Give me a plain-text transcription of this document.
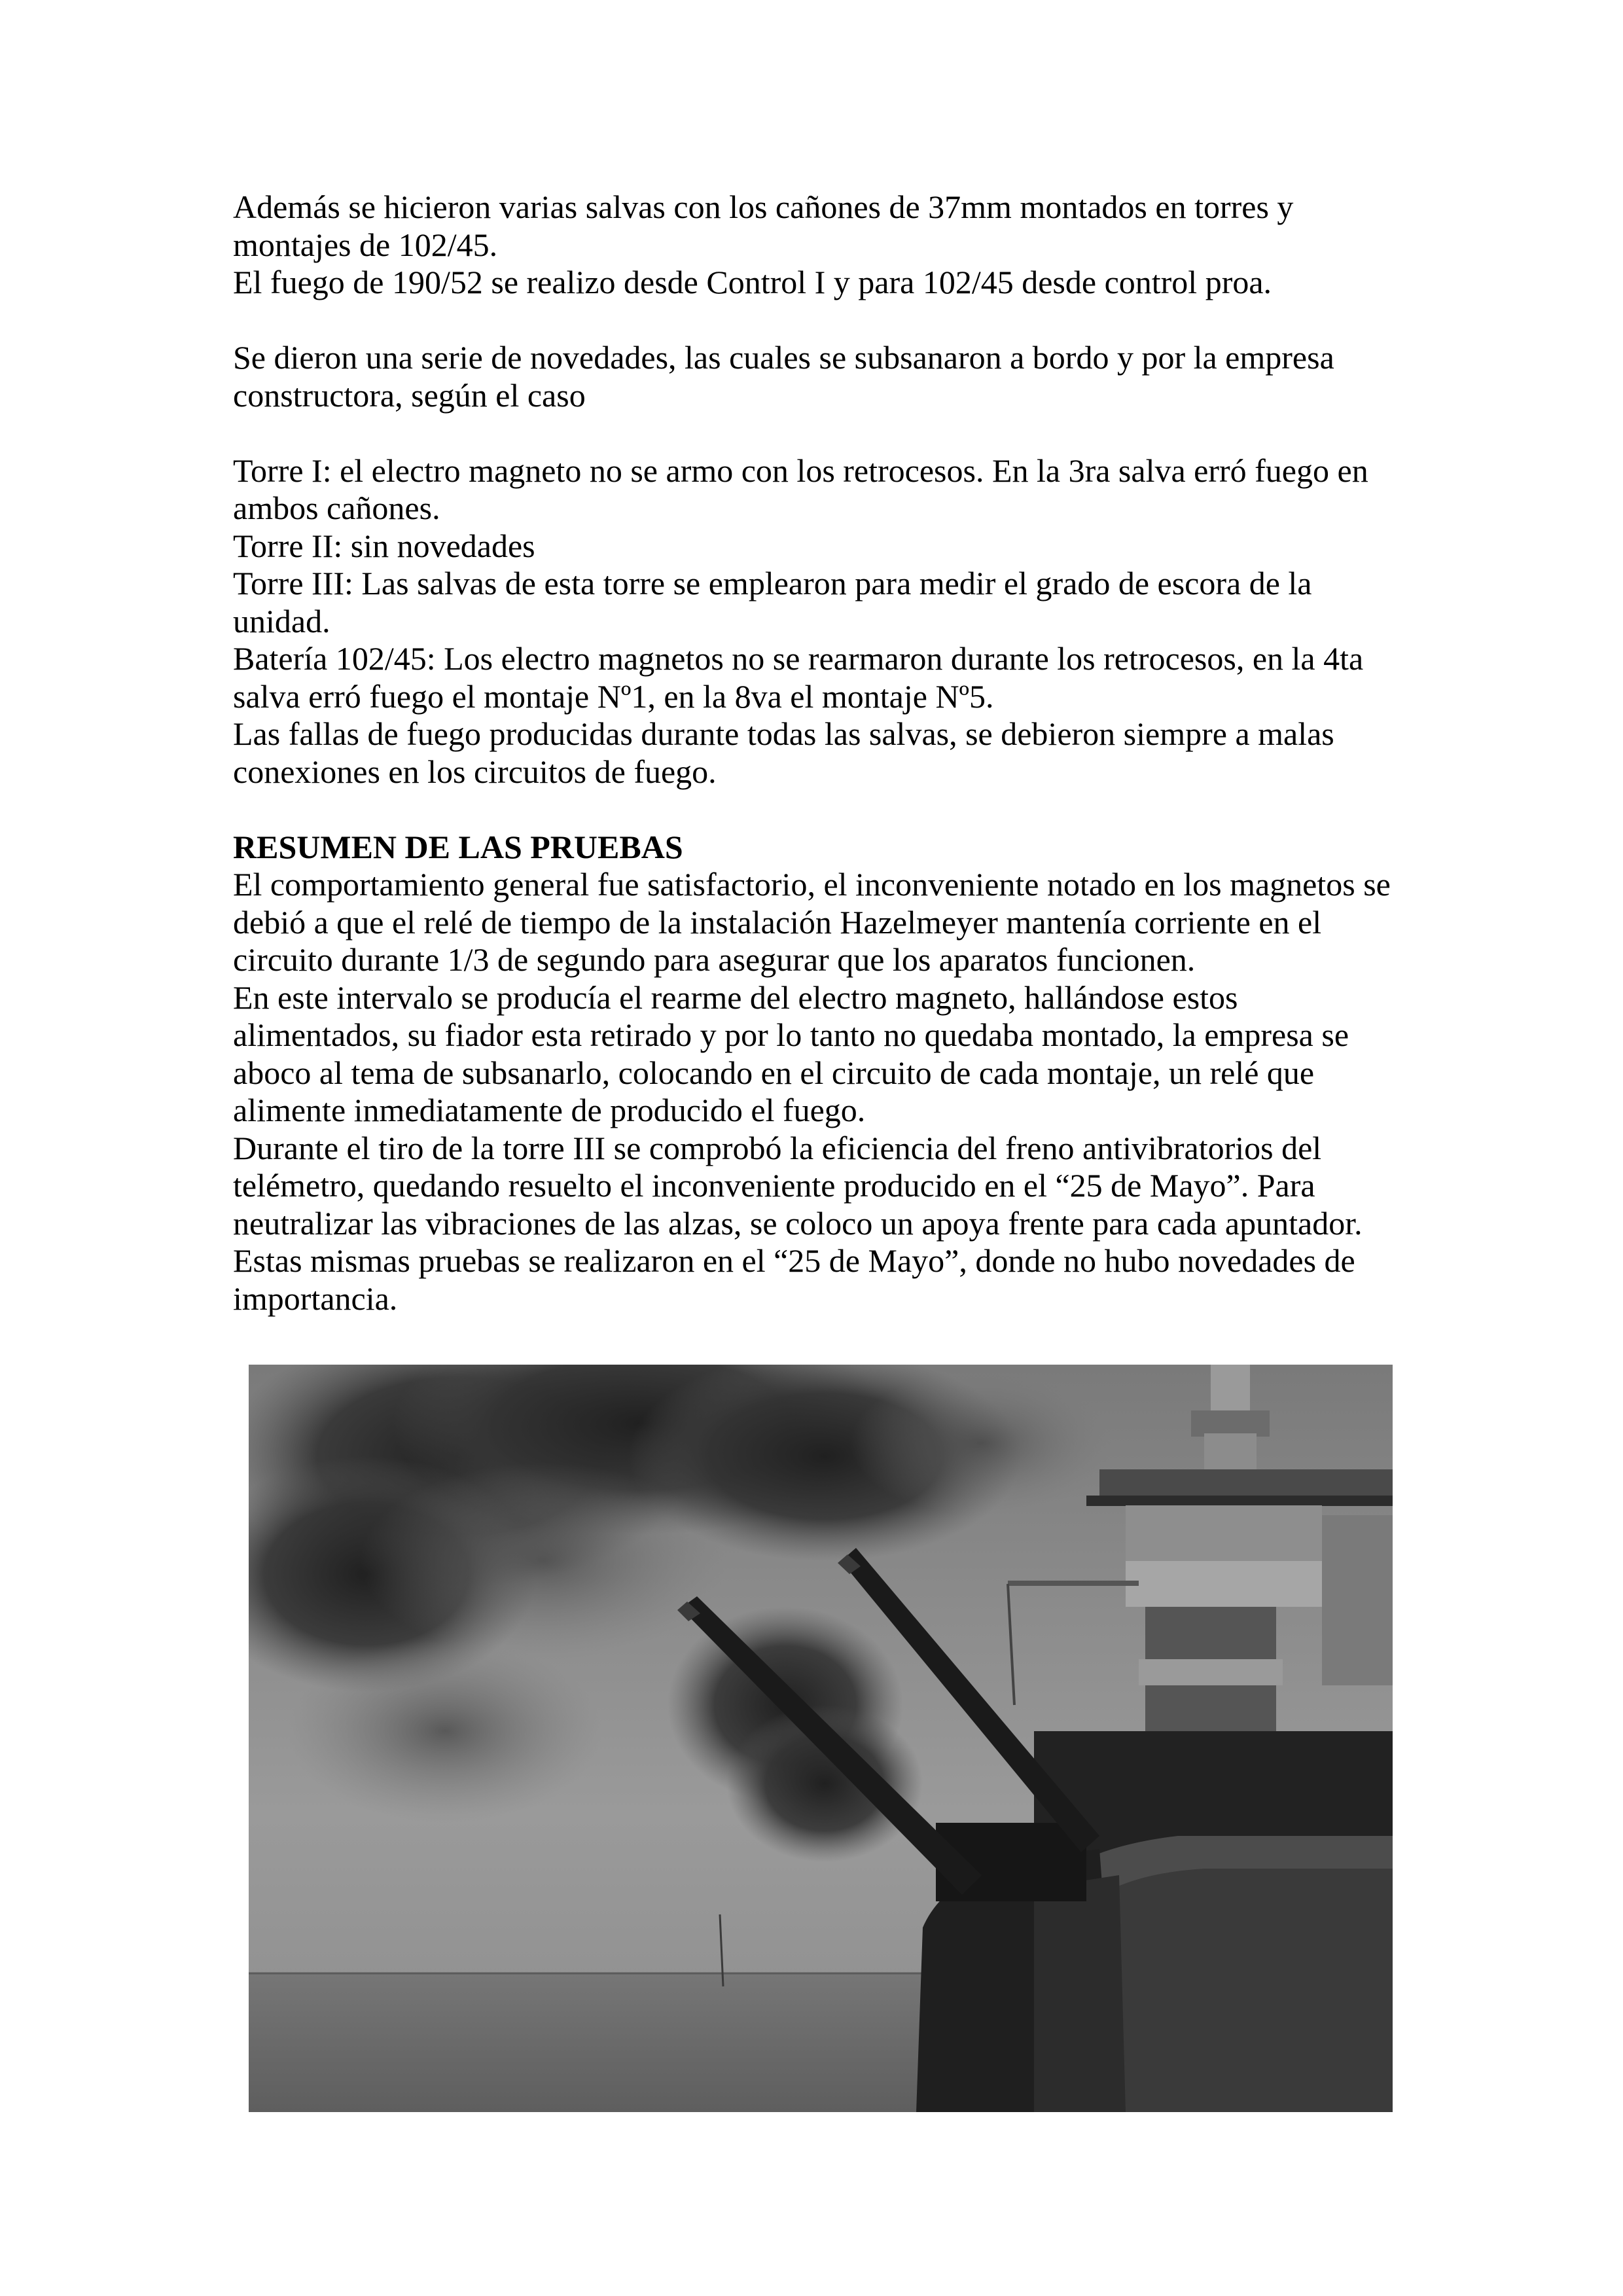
Además se hicieron varias salvas con los cañones de 37mm montados en torres y

montajes de 102/45.

El fuego de 190/52 se realizo desde Control I y para 102/45 desde control proa.

Se dieron una serie de novedades, las cuales se subsanaron a bordo y por la empresa

constructora, según el caso

Torre I: el electro magneto no se armo con los retrocesos. En la 3ra salva erró fuego en

ambos cañones.

Torre II: sin novedades

Torre III: Las salvas de esta torre se emplearon para medir el grado de escora de la

unidad.

Batería 102/45: Los electro magnetos no se rearmaron durante los retrocesos, en la 4ta

salva erró fuego el montaje Nº1, en la 8va el montaje Nº5.

Las fallas de fuego producidas durante todas las salvas, se debieron siempre a malas

conexiones en los circuitos de fuego.

RESUMEN DE LAS PRUEBAS

El comportamiento general fue satisfactorio, el inconveniente notado en los magnetos se

debió a que el relé de tiempo de la instalación Hazelmeyer mantenía corriente en el

circuito durante 1/3 de segundo para asegurar que los aparatos funcionen.

En este intervalo se producía el rearme del electro magneto, hallándose estos

alimentados, su fiador esta retirado y por lo tanto no quedaba montado, la empresa se

aboco al tema de subsanarlo, colocando en el circuito de cada montaje, un relé que

alimente inmediatamente de producido el fuego.

Durante el tiro de la torre III se comprobó la eficiencia del freno antivibratorios del

telémetro, quedando resuelto el inconveniente producido en el “25 de Mayo”. Para

neutralizar las vibraciones de las alzas, se coloco un apoya frente para cada apuntador.

Estas mismas pruebas se realizaron en el “25 de Mayo”, donde no hubo novedades de

importancia.
